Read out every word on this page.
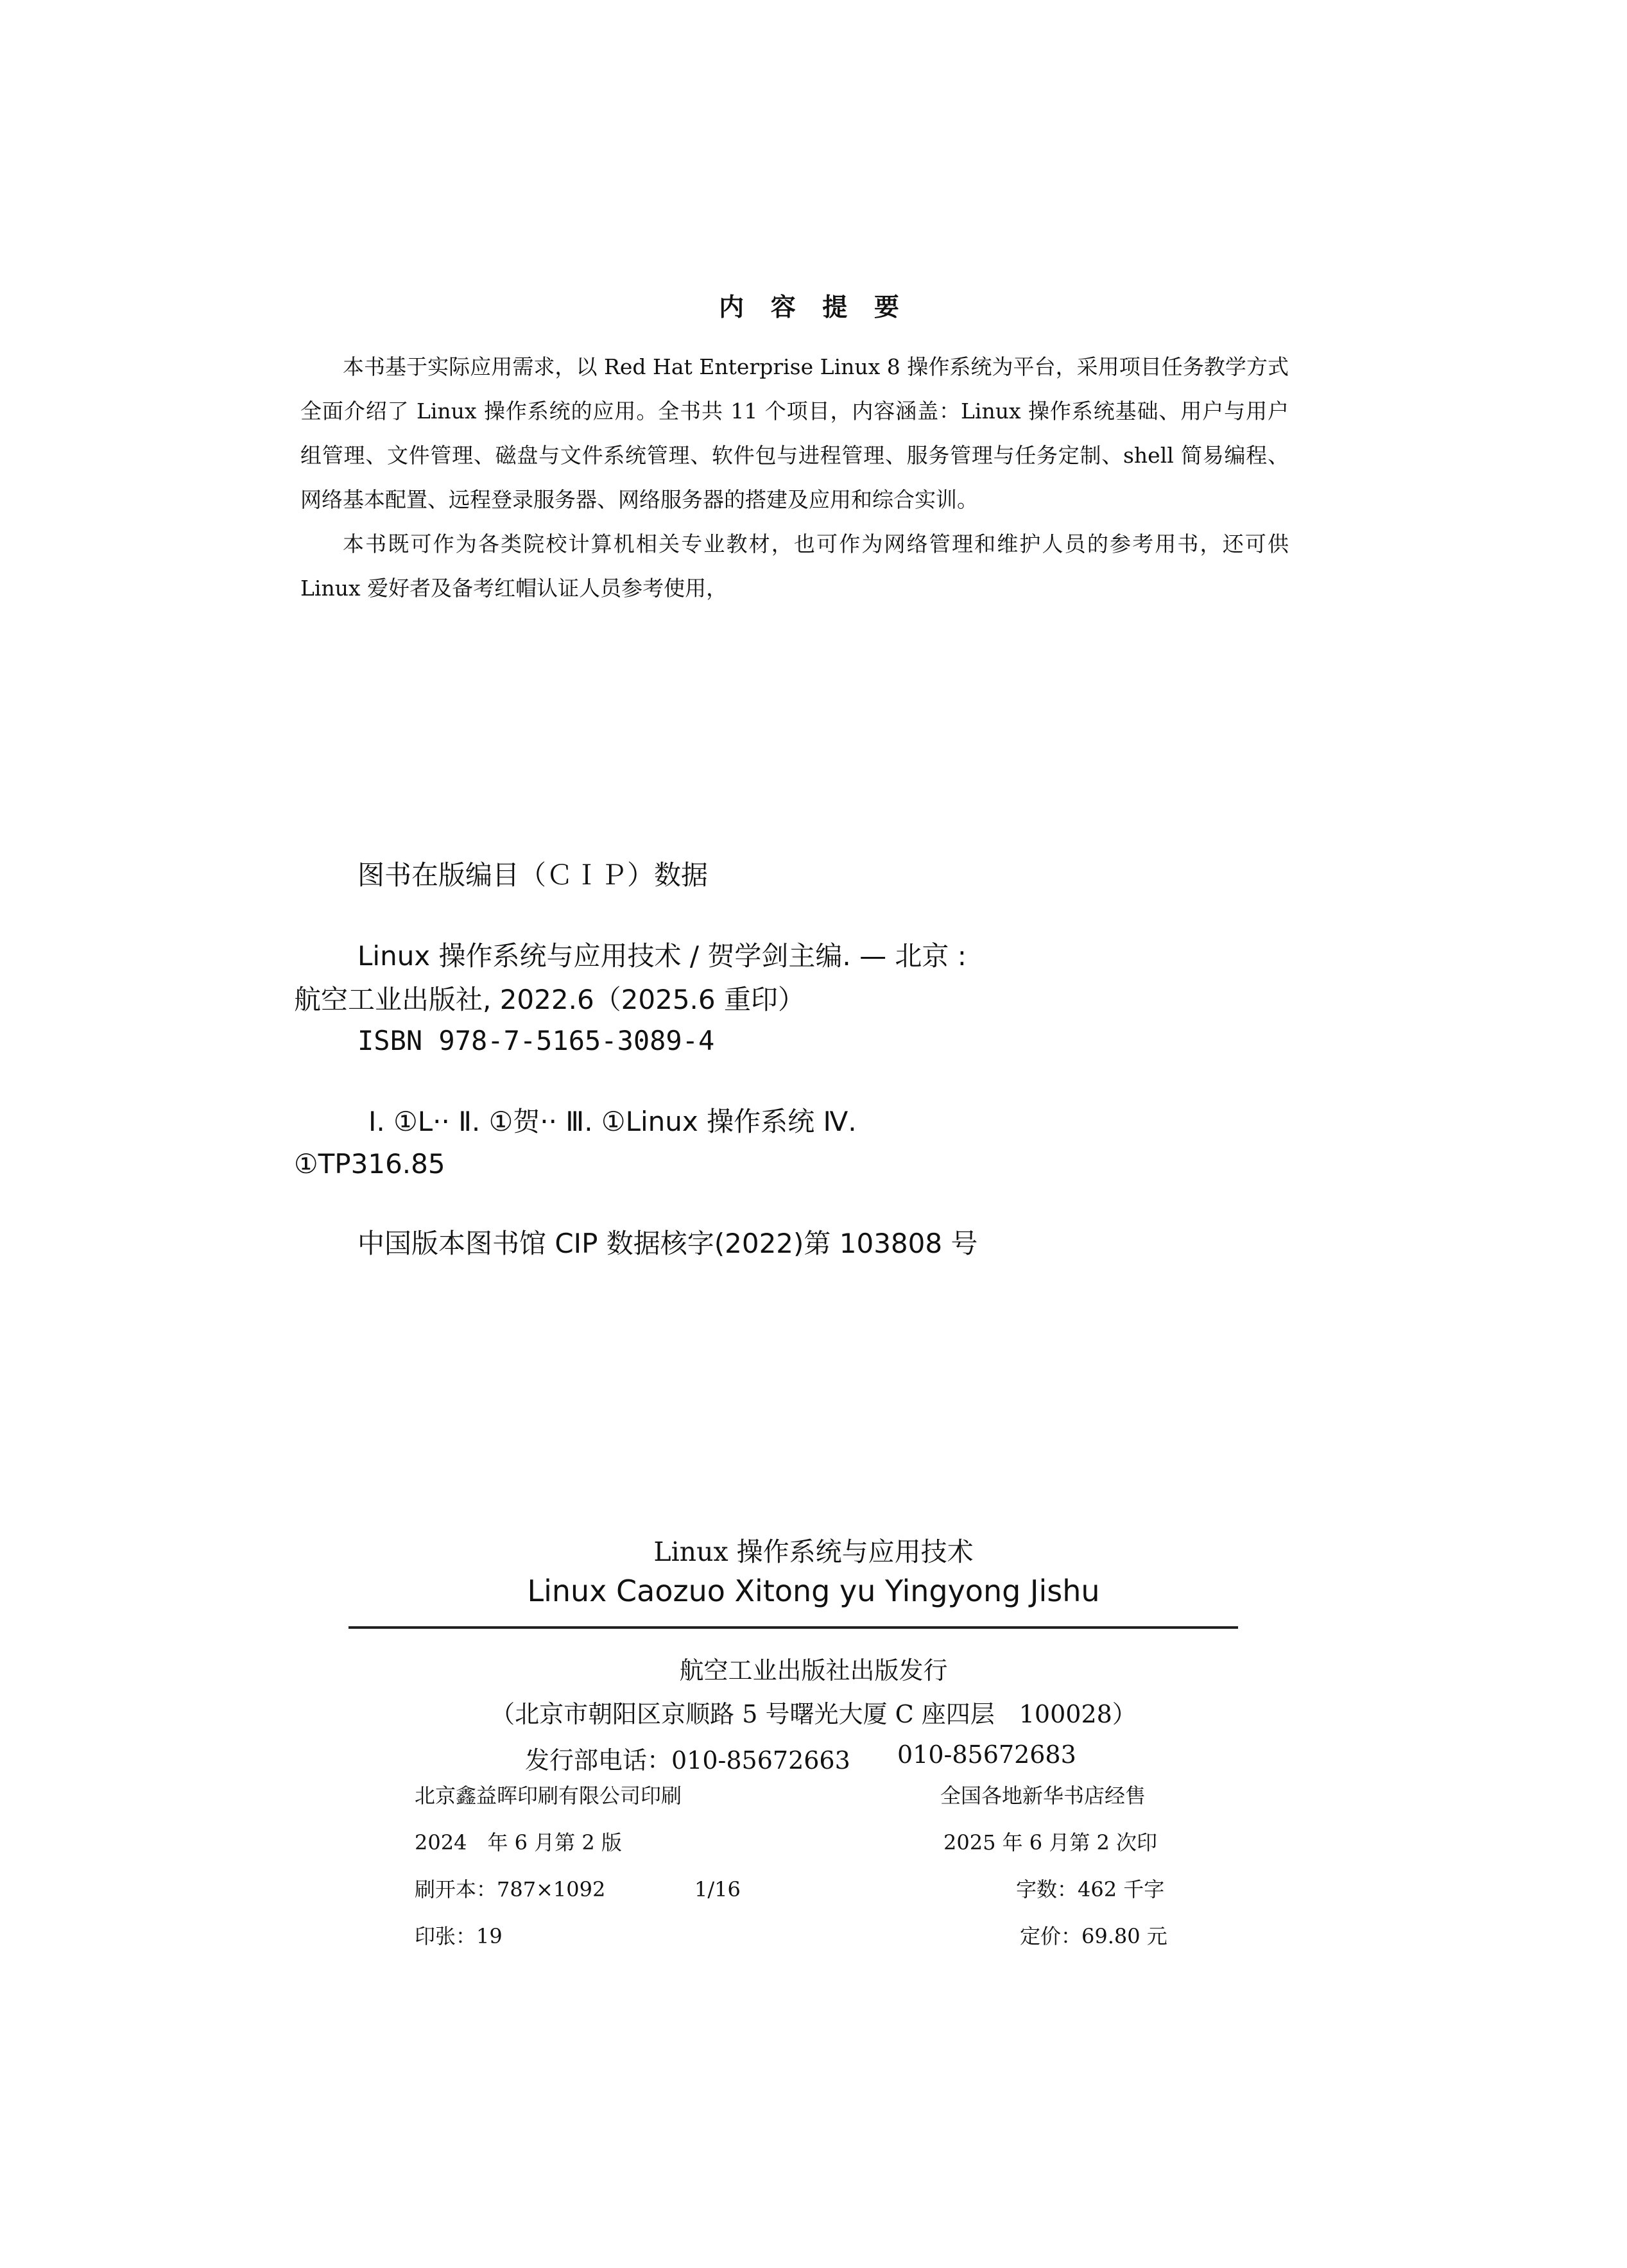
内 容 提 要
本书基于实际应用需求，以 Red Hat Enterprise Linux 8 操作系统为平台，采用项目任务教学方式
全面介绍了 Linux 操作系统的应用。全书共 11 个项目，内容涵盖：Linux 操作系统基础、用户与用户
组管理、文件管理、磁盘与文件系统管理、软件包与进程管理、服务管理与任务定制、shell 简易编程、
网络基本配置、远程登录服务器、网络服务器的搭建及应用和综合实训。
本书既可作为各类院校计算机相关专业教材，也可作为网络管理和维护人员的参考用书，还可供
Linux 爱好者及备考红帽认证人员参考使用，
图书在版编目（ＣＩＰ）数据
Linux 操作系统与应用技术 / 贺学剑主编. — 北京 :
航空工业出版社, 2022.6（2025.6 重印）
ISBN 978-7-5165-3089-4
Ⅰ. ①L·· Ⅱ. ①贺·· Ⅲ. ①Linux 操作系统 Ⅳ.
①TP316.85
中国版本图书馆 CIP 数据核字(2022)第 103808 号
Linux 操作系统与应用技术
Linux Caozuo Xitong yu Yingyong Jishu
航空工业出版社出版发行
（北京市朝阳区京顺路 5 号曙光大厦 C 座四层　100028）
发行部电话：010-85672663 010-85672683
北京鑫益晖印刷有限公司印刷	全国各地新华书店经售
2024　年 6 月第 2 版	2025 年 6 月第 2 次印
刷开本：787×1092	1/16	字数：462 千字
印张：19	定价：69.80 元
